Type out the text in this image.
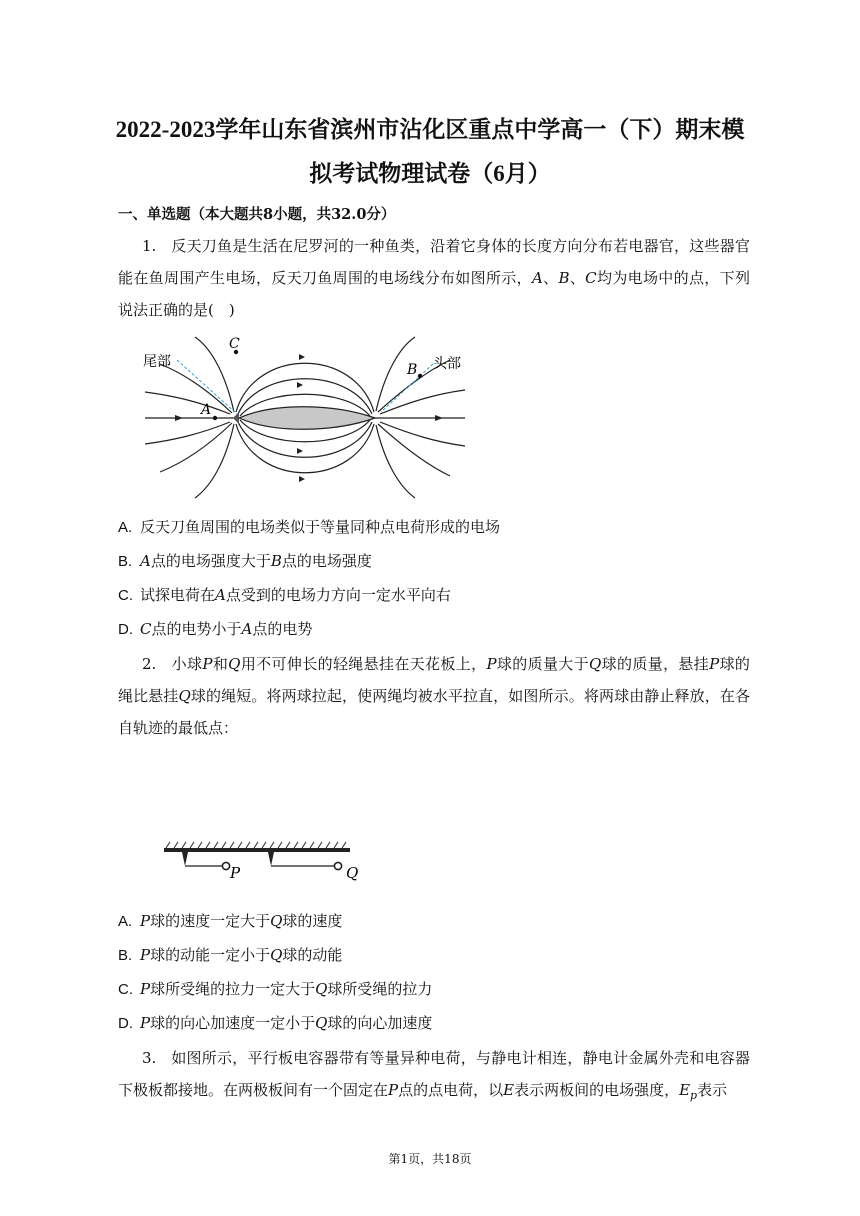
2022-2023学年山东省滨州市沾化区重点中学高一（下）期末模
拟考试物理试卷（6月）
一、单选题（本大题共8小题，共32.0分）
1. 反天刀鱼是生活在尼罗河的一种鱼类，沿着它身体的长度方向分布若电器官，这些器官能在鱼周围产生电场，反天刀鱼周围的电场线分布如图所示，A、B、C均为电场中的点，下列说法正确的是(　)
尾部	头部
A
C
B
A. 反天刀鱼周围的电场类似于等量同种点电荷形成的电场
B. A点的电场强度大于B点的电场强度
C. 试探电荷在A点受到的电场力方向一定水平向右
D. C点的电势小于A点的电势
2. 小球P和Q用不可伸长的轻绳悬挂在天花板上，P球的质量大于Q球的质量，悬挂P球的绳比悬挂Q球的绳短。将两球拉起，使两绳均被水平拉直，如图所示。将两球由静止释放，在各自轨迹的最低点：
P	Q
A. P球的速度一定大于Q球的速度
B. P球的动能一定小于Q球的动能
C. P球所受绳的拉力一定大于Q球所受绳的拉力
D. P球的向心加速度一定小于Q球的向心加速度
3. 如图所示，平行板电容器带有等量异种电荷，与静电计相连，静电计金属外壳和电容器下极板都接地。在两极板间有一个固定在P点的点电荷，以E表示两板间的电场强度，$E_p$表示
第1页，共18页
